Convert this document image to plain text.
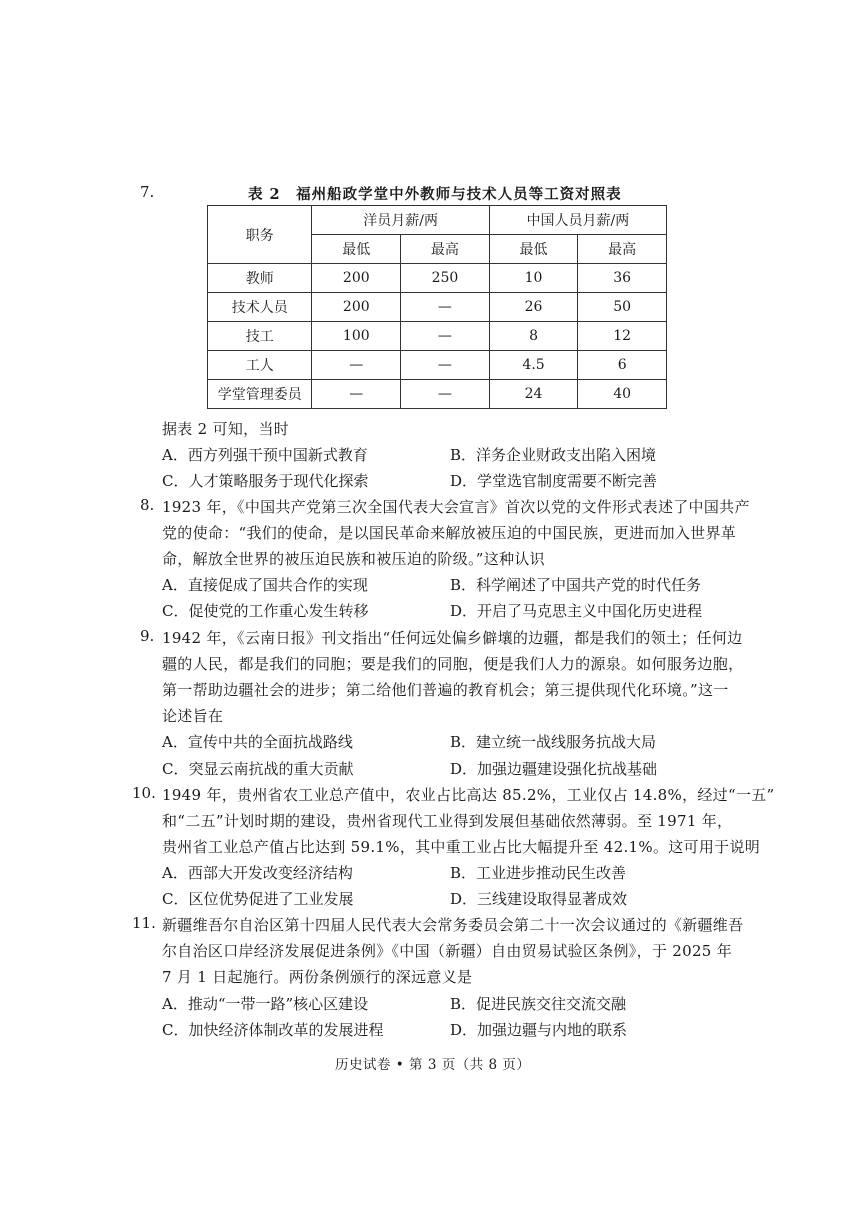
7.	表 2　福州船政学堂中外教师与技术人员等工资对照表
职务	洋员月薪/两		中国人员月薪/两	
	最低	最高	最低	最高
教师	200	250	10	36
技术人员	200	—	26	50
技工	100	—	8	12
工人	—	—	4.5	6
学堂管理委员	—	—	24	40
据表 2 可知，当时
A．西方列强干预中国新式教育	B．洋务企业财政支出陷入困境
C．人才策略服务于现代化探索	D．学堂选官制度需要不断完善
8. 1923 年，《中国共产党第三次全国代表大会宣言》首次以党的文件形式表述了中国共产
党的使命：“我们的使命，是以国民革命来解放被压迫的中国民族，更进而加入世界革
命，解放全世界的被压迫民族和被压迫的阶级。”这种认识
A．直接促成了国共合作的实现	B．科学阐述了中国共产党的时代任务
C．促使党的工作重心发生转移	D．开启了马克思主义中国化历史进程
9. 1942 年，《云南日报》刊文指出“任何远处偏乡僻壤的边疆，都是我们的领土；任何边
疆的人民，都是我们的同胞；要是我们的同胞，便是我们人力的源泉。如何服务边胞，
第一帮助边疆社会的进步；第二给他们普遍的教育机会；第三提供现代化环境。”这一
论述旨在
A．宣传中共的全面抗战路线	B．建立统一战线服务抗战大局
C．突显云南抗战的重大贡献	D．加强边疆建设强化抗战基础
10. 1949 年，贵州省农工业总产值中，农业占比高达 85.2%，工业仅占 14.8%，经过“一五”
和“二五”计划时期的建设，贵州省现代工业得到发展但基础依然薄弱。至 1971 年，
贵州省工业总产值占比达到 59.1%，其中重工业占比大幅提升至 42.1%。这可用于说明
A．西部大开发改变经济结构	B．工业进步推动民生改善
C．区位优势促进了工业发展	D．三线建设取得显著成效
11. 新疆维吾尔自治区第十四届人民代表大会常务委员会第二十一次会议通过的《新疆维吾
尔自治区口岸经济发展促进条例》《中国（新疆）自由贸易试验区条例》，于 2025 年
7 月 1 日起施行。两份条例颁行的深远意义是
A．推动“一带一路”核心区建设	B．促进民族交往交流交融
C．加快经济体制改革的发展进程	D．加强边疆与内地的联系
历史试卷 • 第 3 页（共 8 页）
